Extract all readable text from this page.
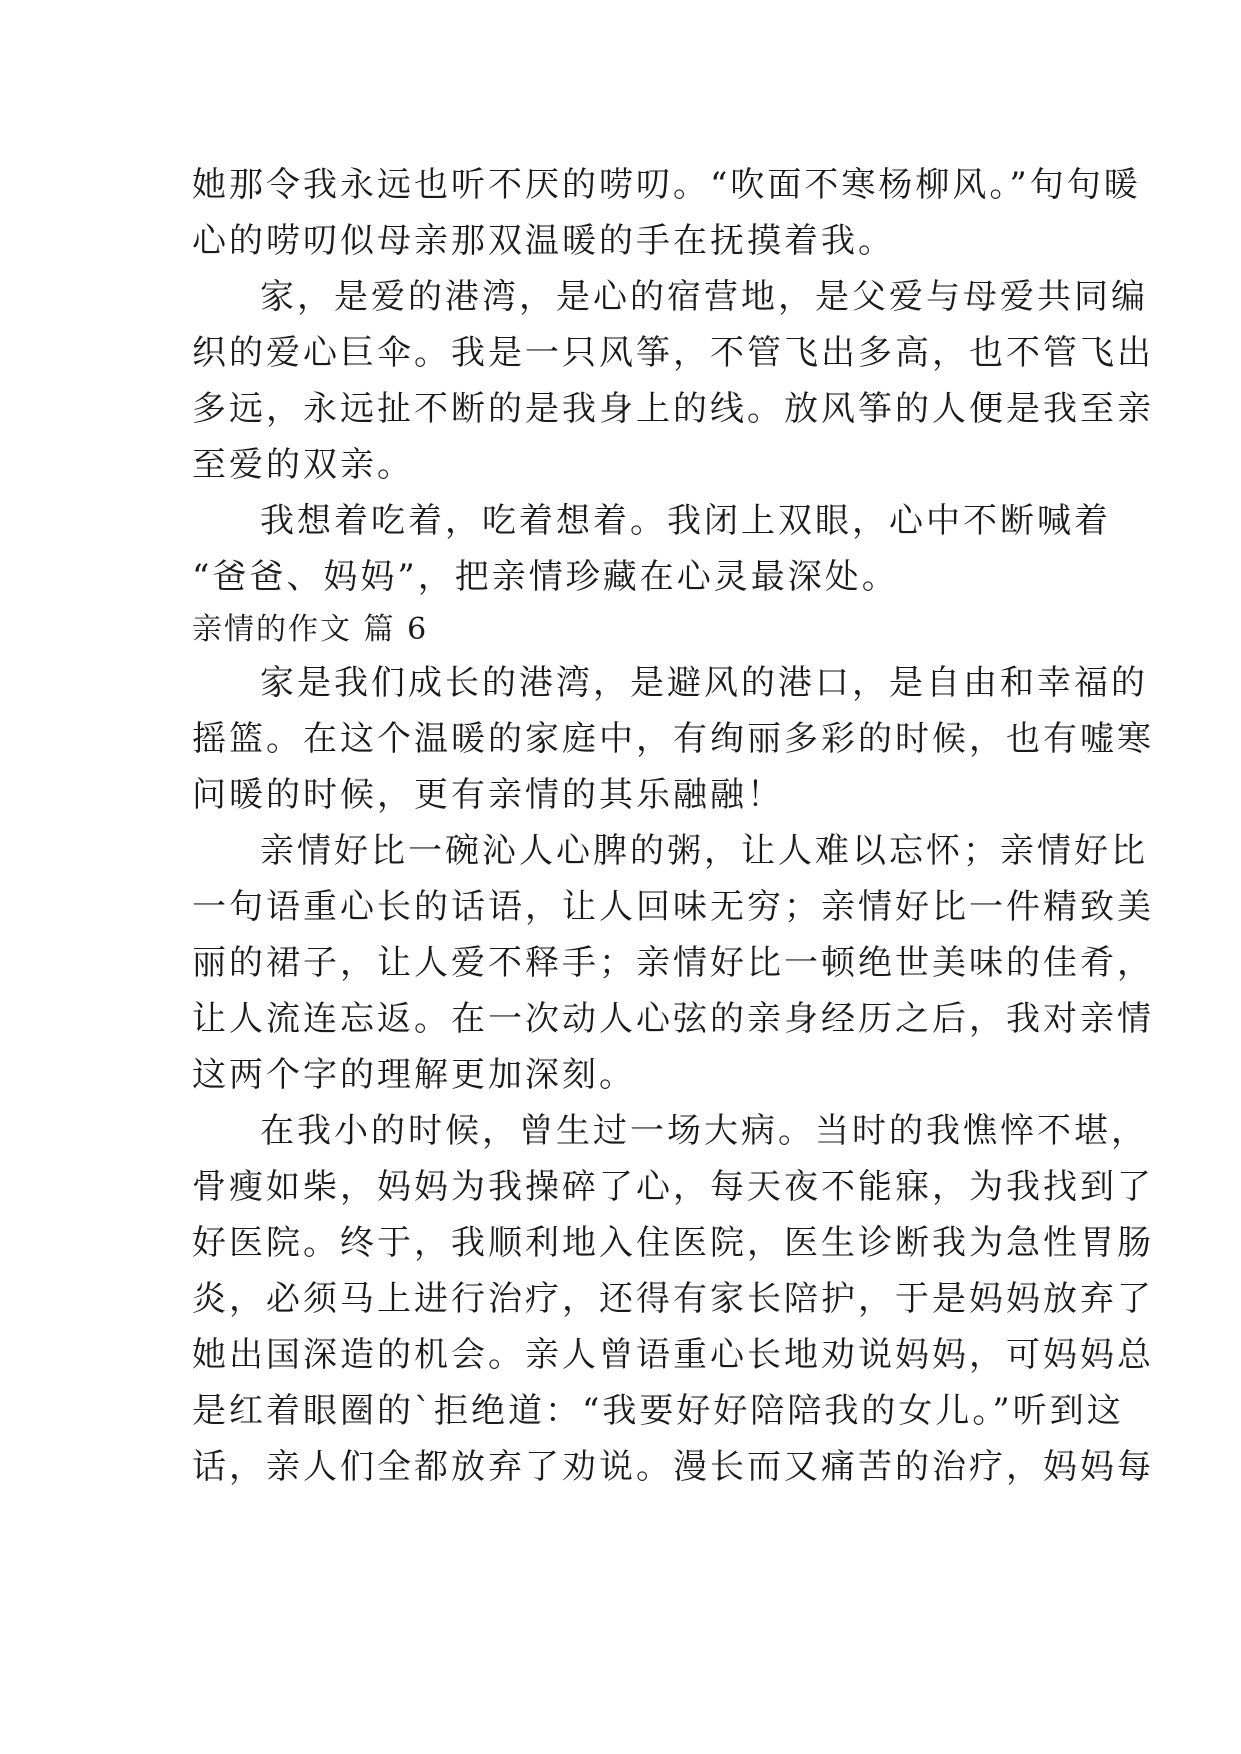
她那令我永远也听不厌的唠叨。“吹面不寒杨柳风。”句句暖
心的唠叨似母亲那双温暖的手在抚摸着我。
家，是爱的港湾，是心的宿营地，是父爱与母爱共同编
织的爱心巨伞。我是一只风筝，不管飞出多高，也不管飞出
多远，永远扯不断的是我身上的线。放风筝的人便是我至亲
至爱的双亲。
我想着吃着，吃着想着。我闭上双眼，心中不断喊着
“爸爸、妈妈”，把亲情珍藏在心灵最深处。
亲情的作文 篇 6
家是我们成长的港湾，是避风的港口，是自由和幸福的
摇篮。在这个温暖的家庭中，有绚丽多彩的时候，也有嘘寒
问暖的时候，更有亲情的其乐融融！
亲情好比一碗沁人心脾的粥，让人难以忘怀；亲情好比
一句语重心长的话语，让人回味无穷；亲情好比一件精致美
丽的裙子，让人爱不释手；亲情好比一顿绝世美味的佳肴，
让人流连忘返。在一次动人心弦的亲身经历之后，我对亲情
这两个字的理解更加深刻。
在我小的时候，曾生过一场大病。当时的我憔悴不堪，
骨瘦如柴，妈妈为我操碎了心，每天夜不能寐，为我找到了
好医院。终于，我顺利地入住医院，医生诊断我为急性胃肠
炎，必须马上进行治疗，还得有家长陪护，于是妈妈放弃了
她出国深造的机会。亲人曾语重心长地劝说妈妈，可妈妈总
是红着眼圈的`拒绝道：“我要好好陪陪我的女儿。”听到这
话，亲人们全都放弃了劝说。漫长而又痛苦的治疗，妈妈每
